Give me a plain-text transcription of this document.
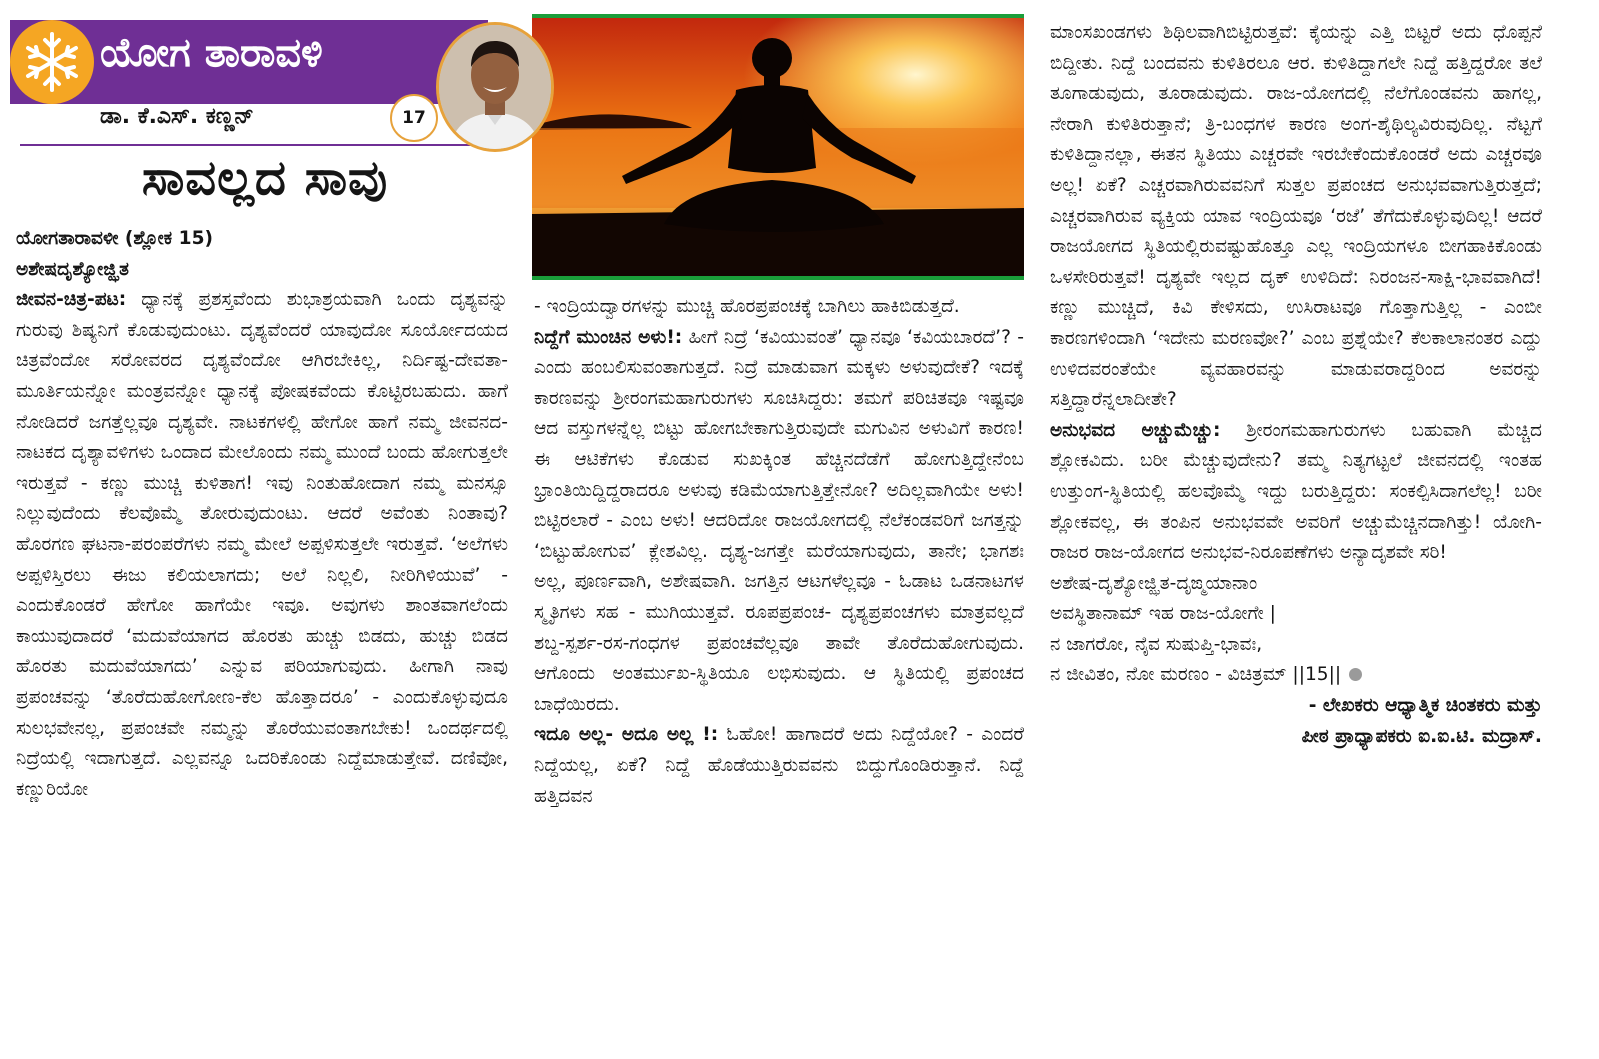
ಯೋಗ ತಾರಾವಳಿ
ಡಾ. ಕೆ.ಎಸ್. ಕಣ್ಣನ್	17
ಸಾವಲ್ಲದ ಸಾವು

ಯೋಗತಾರಾವಳೀ (ಶ್ಲೋಕ 15)

ಅಶೇಷದೃಶ್ಯೋಜ್ಝಿತ

ಜೀವನ-ಚಿತ್ರ-ಪಟ: ಧ್ಯಾನಕ್ಕೆ ಪ್ರಶಸ್ತವೆಂದು ಶುಭಾಶ್ರಯವಾಗಿ ಒಂದು ದೃಶ್ಯವನ್ನು ಗುರುವು ಶಿಷ್ಯನಿಗೆ ಕೊಡುವುದುಂಟು. ದೃಶ್ಯವೆಂದರೆ ಯಾವುದೋ ಸೂರ್ಯೋದಯದ ಚಿತ್ರವೆಂದೋ ಸರೋವರದ ದೃಶ್ಯವೆಂದೋ ಆಗಿರಬೇಕಿಲ್ಲ, ನಿರ್ದಿಷ್ಟ-ದೇವತಾ-ಮೂರ್ತಿಯನ್ನೋ ಮಂತ್ರವನ್ನೋ ಧ್ಯಾನಕ್ಕೆ ಪೋಷಕವೆಂದು ಕೊಟ್ಟಿರಬಹುದು. ಹಾಗೆ ನೋಡಿದರೆ ಜಗತ್ತೆಲ್ಲವೂ ದೃಶ್ಯವೇ. ನಾಟಕಗಳಲ್ಲಿ ಹೇಗೋ ಹಾಗೆ ನಮ್ಮ ಜೀವನದ-ನಾಟಕದ ದೃಶ್ಯಾವಳಿಗಳು ಒಂದಾದ ಮೇಲೊಂದು ನಮ್ಮ ಮುಂದೆ ಬಂದು ಹೋಗುತ್ತಲೇ ಇರುತ್ತವೆ - ಕಣ್ಣು ಮುಚ್ಚಿ ಕುಳಿತಾಗ! ಇವು ನಿಂತುಹೋದಾಗ ನಮ್ಮ ಮನಸ್ಸೂ ನಿಲ್ಲುವುದೆಂದು ಕೆಲವೊಮ್ಮೆ ತೋರುವುದುಂಟು. ಆದರೆ ಅವೆಂತು ನಿಂತಾವು? ಹೊರಗಣ ಘಟನಾ-ಪರಂಪರೆಗಳು ನಮ್ಮ ಮೇಲೆ ಅಪ್ಪಳಿಸುತ್ತಲೇ ಇರುತ್ತವೆ. ‘ಅಲೆಗಳು ಅಪ್ಪಳಿಸ್ತಿರಲು ಈಜು ಕಲಿಯಲಾಗದು; ಅಲೆ ನಿಲ್ಲಲಿ, ನೀರಿಗಿಳಿಯುವೆ’ - ಎಂದುಕೊಂಡರೆ ಹೇಗೋ ಹಾಗೆಯೇ ಇವೂ. ಅವುಗಳು ಶಾಂತವಾಗಲೆಂದು ಕಾಯುವುದಾದರೆ ‘ಮದುವೆಯಾಗದ ಹೊರತು ಹುಚ್ಚು ಬಿಡದು, ಹುಚ್ಚು ಬಿಡದ ಹೊರತು ಮದುವೆಯಾಗದು’ ಎನ್ನುವ ಪರಿಯಾಗುವುದು. ಹೀಗಾಗಿ ನಾವು ಪ್ರಪಂಚವನ್ನು ‘ತೊರೆದುಹೋಗೋಣ-ಕೆಲ ಹೊತ್ತಾದರೂ’ - ಎಂದುಕೊಳ್ಳುವುದೂ ಸುಲಭವೇನಲ್ಲ, ಪ್ರಪಂಚವೇ ನಮ್ಮನ್ನು ತೊರೆಯುವಂತಾಗಬೇಕು! ಒಂದರ್ಥದಲ್ಲಿ ನಿದ್ರೆಯಲ್ಲಿ ಇದಾಗುತ್ತದೆ. ಎಲ್ಲವನ್ನೂ ಒದರಿಕೊಂಡು ನಿದ್ದೆಮಾಡುತ್ತೇವೆ. ದಣಿವೋ, ಕಣ್ಣುರಿಯೋ

- ಇಂದ್ರಿಯದ್ವಾರಗಳನ್ನು ಮುಚ್ಚಿ ಹೊರಪ್ರಪಂಚಕ್ಕೆ ಬಾಗಿಲು ಹಾಕಿಬಿಡುತ್ತದೆ.

ನಿದ್ದೆಗೆ ಮುಂಚಿನ ಅಳು!: ಹೀಗೆ ನಿದ್ರೆ ‘ಕವಿಯುವಂತೆ’ ಧ್ಯಾನವೂ ‘ಕವಿಯಬಾರದೆ’? - ಎಂದು ಹಂಬಲಿಸುವಂತಾಗುತ್ತದೆ. ನಿದ್ರೆ ಮಾಡುವಾಗ ಮಕ್ಕಳು ಅಳುವುದೇಕೆ? ಇದಕ್ಕೆ ಕಾರಣವನ್ನು ಶ್ರೀರಂಗಮಹಾಗುರುಗಳು ಸೂಚಿಸಿದ್ದರು: ತಮಗೆ ಪರಿಚಿತವೂ ಇಷ್ಟವೂ ಆದ ವಸ್ತುಗಳನ್ನೆಲ್ಲ ಬಿಟ್ಟು ಹೋಗಬೇಕಾಗುತ್ತಿರುವುದೇ ಮಗುವಿನ ಅಳುವಿಗೆ ಕಾರಣ! ಈ ಆಟಿಕೆಗಳು ಕೊಡುವ ಸುಖಕ್ಕಿಂತ ಹೆಚ್ಚಿನದೆಡೆಗೆ ಹೋಗುತ್ತಿದ್ದೇನೆಂಬ ಭ್ರಾಂತಿಯಿದ್ದಿದ್ದರಾದರೂ ಅಳುವು ಕಡಿಮೆಯಾಗುತ್ತಿತ್ತೇನೋ? ಅದಿಲ್ಲವಾಗಿಯೇ ಅಳು! ಬಿಟ್ಟಿರಲಾರೆ - ಎಂಬ ಅಳು! ಆದರಿದೋ ರಾಜಯೋಗದಲ್ಲಿ ನೆಲೆಕಂಡವರಿಗೆ ಜಗತ್ತನ್ನು ‘ಬಿಟ್ಟುಹೋಗುವ’ ಕ್ಲೇಶವಿಲ್ಲ. ದೃಶ್ಯ-ಜಗತ್ತೇ ಮರೆಯಾಗುವುದು, ತಾನೇ; ಭಾಗಶಃ ಅಲ್ಲ, ಪೂರ್ಣವಾಗಿ, ಅಶೇಷವಾಗಿ. ಜಗತ್ತಿನ ಆಟಗಳೆಲ್ಲವೂ - ಓಡಾಟ ಒಡನಾಟಗಳ ಸ್ಮೃತಿಗಳು ಸಹ - ಮುಗಿಯುತ್ತವೆ. ರೂಪಪ್ರಪಂಚ- ದೃಶ್ಯಪ್ರಪಂಚಗಳು ಮಾತ್ರವಲ್ಲದೆ ಶಬ್ದ-ಸ್ಪರ್ಶ-ರಸ-ಗಂಧಗಳ ಪ್ರಪಂಚವೆಲ್ಲವೂ ತಾವೇ ತೊರೆದುಹೋಗುವುದು. ಆಗೊಂದು ಅಂತರ್ಮುಖ-ಸ್ಥಿತಿಯೂ ಲಭಿಸುವುದು. ಆ ಸ್ಥಿತಿಯಲ್ಲಿ ಪ್ರಪಂಚದ ಬಾಧೆಯಿರದು.

ಇದೂ ಅಲ್ಲ- ಅದೂ ಅಲ್ಲ !: ಓಹೋ! ಹಾಗಾದರೆ ಅದು ನಿದ್ದೆಯೋ? - ಎಂದರೆ ನಿದ್ದೆಯಲ್ಲ, ಏಕೆ? ನಿದ್ದೆ ಹೊಡೆಯುತ್ತಿರುವವನು ಬಿದ್ದುಗೊಂಡಿರುತ್ತಾನೆ. ನಿದ್ದೆ ಹತ್ತಿದವನ

ಮಾಂಸಖಂಡಗಳು ಶಿಥಿಲವಾಗಿಬಿಟ್ಟಿರುತ್ತವೆ: ಕೈಯನ್ನು ಎತ್ತಿ ಬಿಟ್ಟರೆ ಅದು ಧೊಪ್ಪನೆ ಬಿದ್ದೀತು. ನಿದ್ದೆ ಬಂದವನು ಕುಳಿತಿರಲೂ ಆರ. ಕುಳಿತಿದ್ದಾಗಲೇ ನಿದ್ದೆ ಹತ್ತಿದ್ದರೋ ತಲೆ ತೂಗಾಡುವುದು, ತೂರಾಡುವುದು. ರಾಜ-ಯೋಗದಲ್ಲಿ ನೆಲೆಗೊಂಡವನು ಹಾಗಲ್ಲ, ನೇರಾಗಿ ಕುಳಿತಿರುತ್ತಾನೆ; ತ್ರಿ-ಬಂಧಗಳ ಕಾರಣ ಅಂಗ-ಶೈಥಿಲ್ಯವಿರುವುದಿಲ್ಲ. ನೆಟ್ಟಗೆ ಕುಳಿತಿದ್ದಾನಲ್ಲಾ, ಈತನ ಸ್ಥಿತಿಯು ಎಚ್ಚರವೇ ಇರಬೇಕೆಂದುಕೊಂಡರೆ ಅದು ಎಚ್ಚರವೂ ಅಲ್ಲ! ಏಕೆ? ಎಚ್ಚರವಾಗಿರುವವನಿಗೆ ಸುತ್ತಲ ಪ್ರಪಂಚದ ಅನುಭವವಾಗುತ್ತಿರುತ್ತದೆ; ಎಚ್ಚರವಾಗಿರುವ ವ್ಯಕ್ತಿಯ ಯಾವ ಇಂದ್ರಿಯವೂ ‘ರಜೆ’ ತೆಗೆದುಕೊಳ್ಳುವುದಿಲ್ಲ! ಆದರೆ ರಾಜಯೋಗದ ಸ್ಥಿತಿಯಲ್ಲಿರುವಷ್ಟುಹೊತ್ತೂ ಎಲ್ಲ ಇಂದ್ರಿಯಗಳೂ ಬೀಗಹಾಕಿಕೊಂಡು ಒಳಸೇರಿರುತ್ತವೆ! ದೃಶ್ಯವೇ ಇಲ್ಲದ ದೃಕ್ ಉಳಿದಿದೆ: ನಿರಂಜನ-ಸಾಕ್ಷಿ-ಭಾವವಾಗಿದೆ! ಕಣ್ಣು ಮುಚ್ಚಿದೆ, ಕಿವಿ ಕೇಳಿಸದು, ಉಸಿರಾಟವೂ ಗೊತ್ತಾಗುತ್ತಿಲ್ಲ - ಎಂಬೀ ಕಾರಣಗಳಿಂದಾಗಿ ‘ಇದೇನು ಮರಣವೋ?’ ಎಂಬ ಪ್ರಶ್ನೆಯೇ? ಕೆಲಕಾಲಾನಂತರ ಎದ್ದು ಉಳಿದವರಂತೆಯೇ ವ್ಯವಹಾರವನ್ನು ಮಾಡುವರಾದ್ದರಿಂದ ಅವರನ್ನು ಸತ್ತಿದ್ದಾರೆನ್ನಲಾದೀತೇ?

ಅನುಭವದ ಅಚ್ಚುಮೆಚ್ಚು: ಶ್ರೀರಂಗಮಹಾಗುರುಗಳು ಬಹುವಾಗಿ ಮೆಚ್ಚಿದ ಶ್ಲೋಕವಿದು. ಬರೀ ಮೆಚ್ಚುವುದೇನು? ತಮ್ಮ ನಿತ್ಯಗಟ್ಟಲೆ ಜೀವನದಲ್ಲಿ ಇಂತಹ ಉತ್ತುಂಗ-ಸ್ಥಿತಿಯಲ್ಲಿ ಹಲವೊಮ್ಮೆ ಇದ್ದು ಬರುತ್ತಿದ್ದರು: ಸಂಕಲ್ಪಿಸಿದಾಗಲೆಲ್ಲ! ಬರೀ ಶ್ಲೋಕವಲ್ಲ, ಈ ತಂಪಿನ ಅನುಭವವೇ ಅವರಿಗೆ ಅಚ್ಚುಮೆಚ್ಚಿನದಾಗಿತ್ತು! ಯೋಗಿ-ರಾಜರ ರಾಜ-ಯೋಗದ ಅನುಭವ-ನಿರೂಪಣೆಗಳು ಅನ್ಯಾದೃಶವೇ ಸರಿ!

ಅಶೇಷ-ದೃಶ್ಯೋಜ್ಝಿತ-ದೃಙ್ಮಯಾನಾಂ

ಅವಸ್ಥಿತಾನಾಮ್ ಇಹ ರಾಜ-ಯೋಗೇ |

ನ ಜಾಗರೋ, ನೈವ ಸುಷುಪ್ತಿ-ಭಾವಃ,

ನ ಜೀವಿತಂ, ನೋ ಮರಣಂ - ವಿಚಿತ್ರಮ್ ||15||

- ಲೇಖಕರು ಆಧ್ಯಾತ್ಮಿಕ ಚಿಂತಕರು ಮತ್ತು

ಪೀಠ ಪ್ರಾಧ್ಯಾಪಕರು ಐ.ಐ.ಟಿ. ಮದ್ರಾಸ್.
